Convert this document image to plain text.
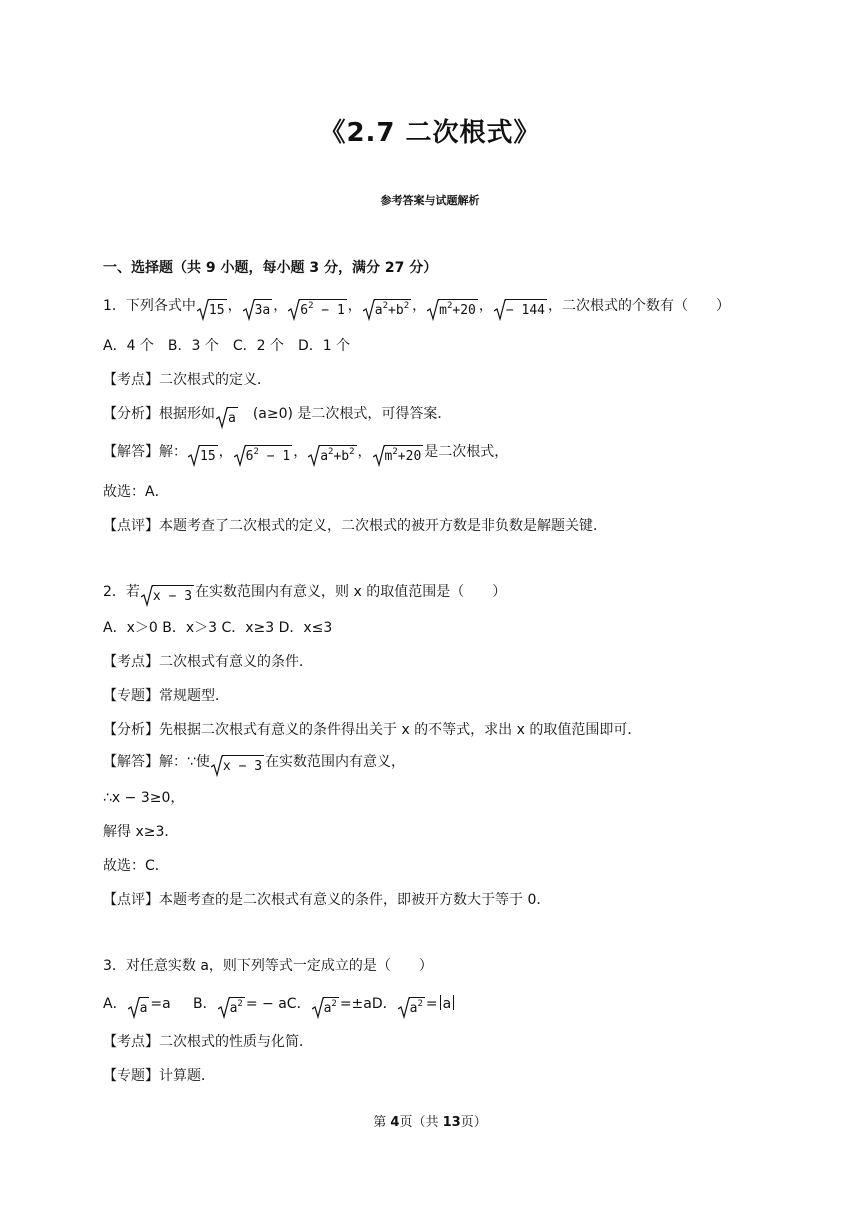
《2.7 二次根式》
参考答案与试题解析
一、选择题（共 9 小题，每小题 3 分，满分 27 分）
1．下列各式中 15 ， 3a ， $6^2 - 1$ ， $a^2+b^2$ ， $m^2+20$ ， − 144 ，二次根式的个数有（　　）
A．4 个　B．3 个　C．2 个　D．1 个
【考点】二次根式的定义．
【分析】根据形如 a　(a≥0) 是二次根式，可得答案．
【解答】解： 15 ， $6^2 - 1$ ， $a^2+b^2$ ， $m^2+20$ 是二次根式，
故选：A．
【点评】本题考查了二次根式的定义，二次根式的被开方数是非负数是解题关键．
2．若 x − 3 在实数范围内有意义，则 x 的取值范围是（　　）
A．x＞0 B．x＞3 C．x≥3 D．x≤3
【考点】二次根式有意义的条件．
【专题】常规题型．
【分析】先根据二次根式有意义的条件得出关于 x 的不等式，求出 x 的取值范围即可．
【解答】解：∵使 x − 3 在实数范围内有意义，
∴x − 3≥0，
解得 x≥3．
故选：C．
【点评】本题考查的是二次根式有意义的条件，即被开方数大于等于 0．
3．对任意实数 a，则下列等式一定成立的是（　　）
A． a =a B． $a^2$ = − aC． $a^2 =\pm aD$． $a^2 = a$
【考点】二次根式的性质与化简．
【专题】计算题．
第 4页（共 13页）
